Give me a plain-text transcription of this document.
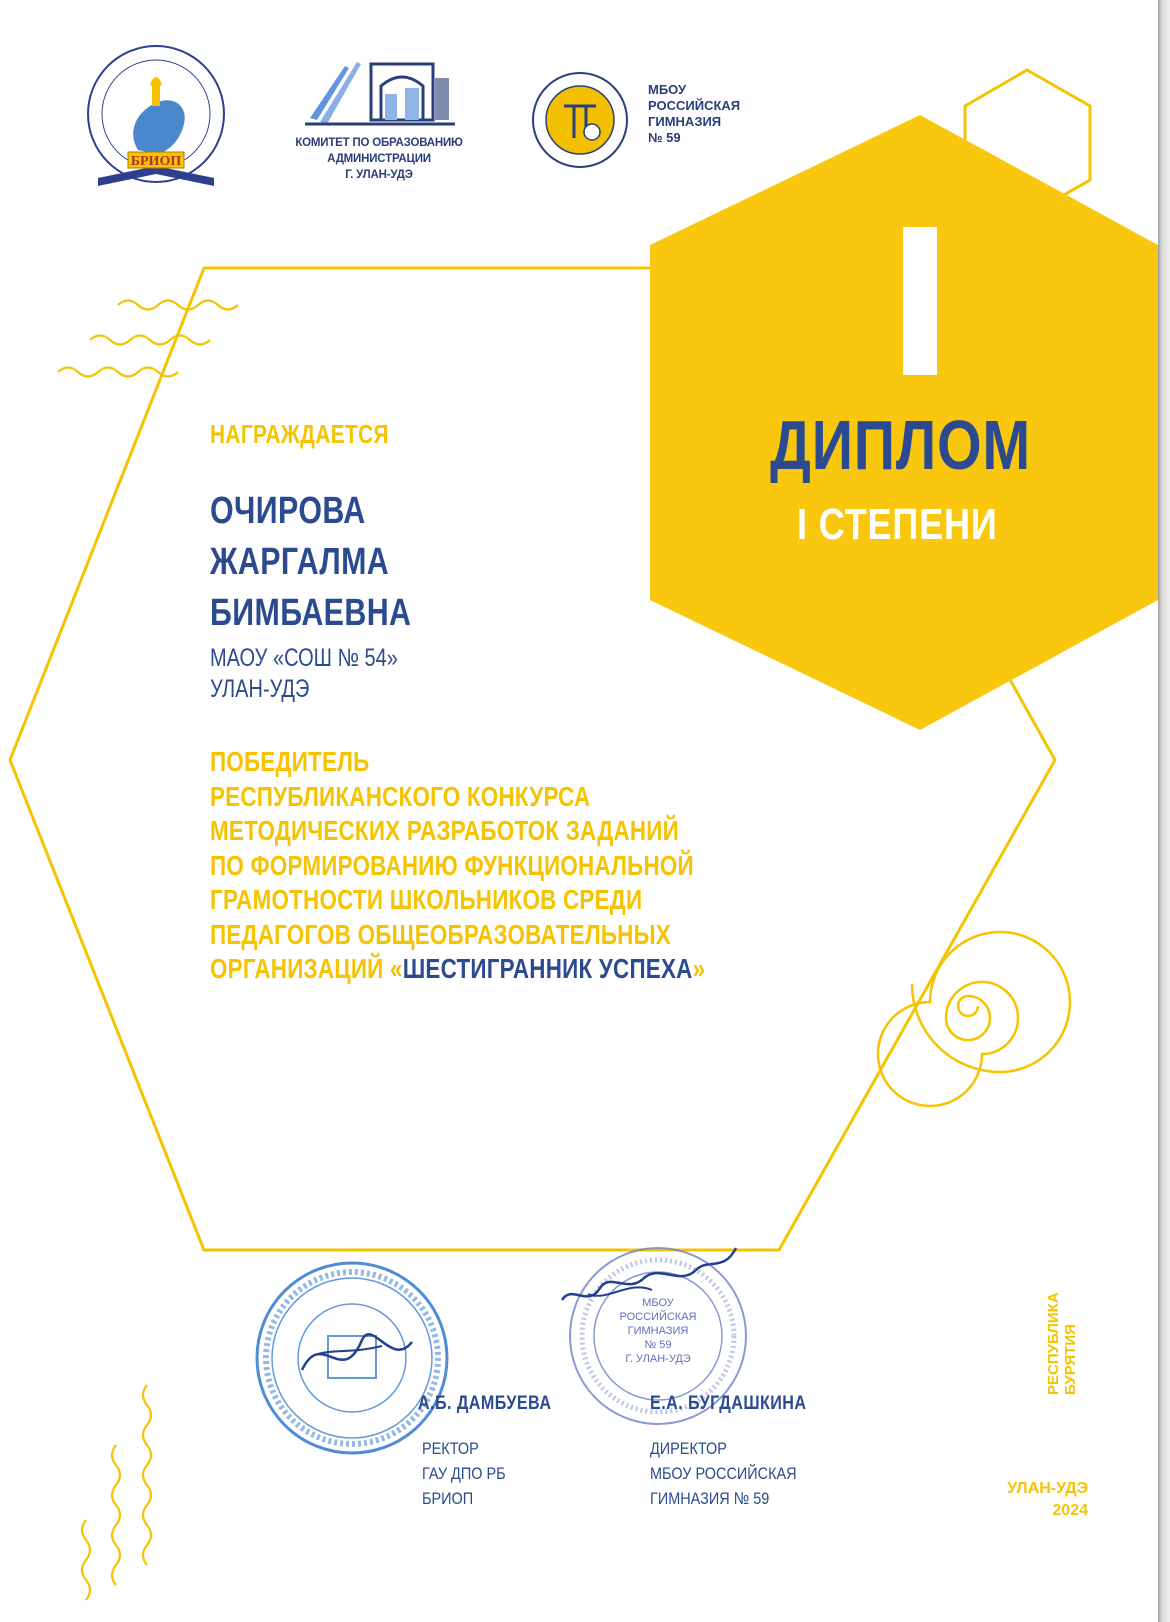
БРИОП
КОМИТЕТ ПО ОБРАЗОВАНИЮ
АДМИНИСТРАЦИИ
Г. УЛАН-УДЭ
МБОУ
РОССИЙСКАЯ
ГИМНАЗИЯ
№ 59
ДИПЛОМ
I СТЕПЕНИ
НАГРАЖДАЕТСЯ
ОЧИРОВА
ЖАРГАЛМА
БИМБАЕВНА
МАОУ «СОШ № 54»
УЛАН-УДЭ
ПОБЕДИТЕЛЬ
РЕСПУБЛИКАНСКОГО КОНКУРСА
МЕТОДИЧЕСКИХ РАЗРАБОТОК ЗАДАНИЙ
ПО ФОРМИРОВАНИЮ ФУНКЦИОНАЛЬНОЙ
ГРАМОТНОСТИ ШКОЛЬНИКОВ СРЕДИ
ПЕДАГОГОВ ОБЩЕОБРАЗОВАТЕЛЬНЫХ
ОРГАНИЗАЦИЙ «ШЕСТИГРАННИК УСПЕХА»
МБОУ
РОССИЙСКАЯ
ГИМНАЗИЯ
№ 59
Г. УЛАН-УДЭ
А.Б. ДАМБУЕВА
РЕКТОР
ГАУ ДПО РБ
БРИОП
Е.А. БУГДАШКИНА
ДИРЕКТОР
МБОУ РОССИЙСКАЯ
ГИМНАЗИЯ № 59
РЕСПУБЛИКА БУРЯТИЯ
УЛАН-УДЭ
2024
